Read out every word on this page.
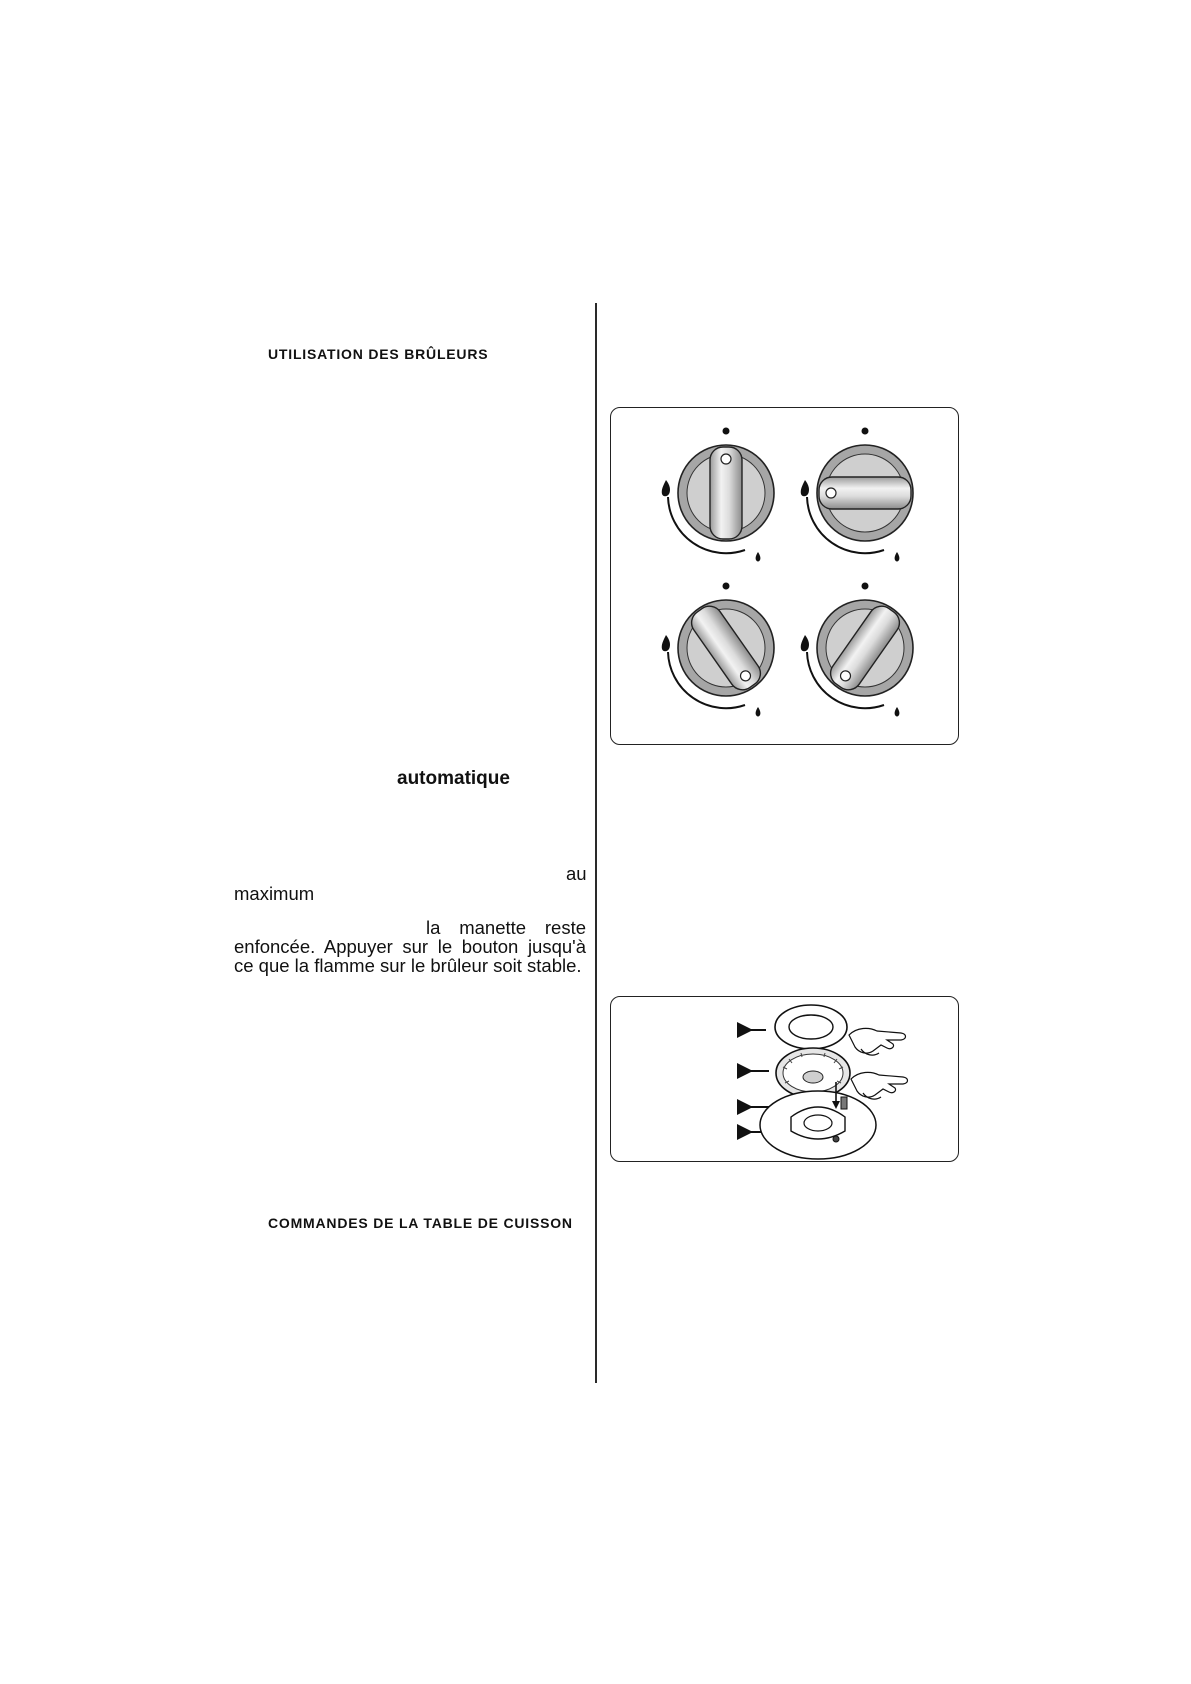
UTILISATION DES BRÛLEURS
automatique
au
maximum
la manette reste
enfoncée. Appuyer sur le bouton jusqu'à
ce que la flamme sur le brûleur soit stable.
COMMANDES DE LA TABLE DE CUISSON
